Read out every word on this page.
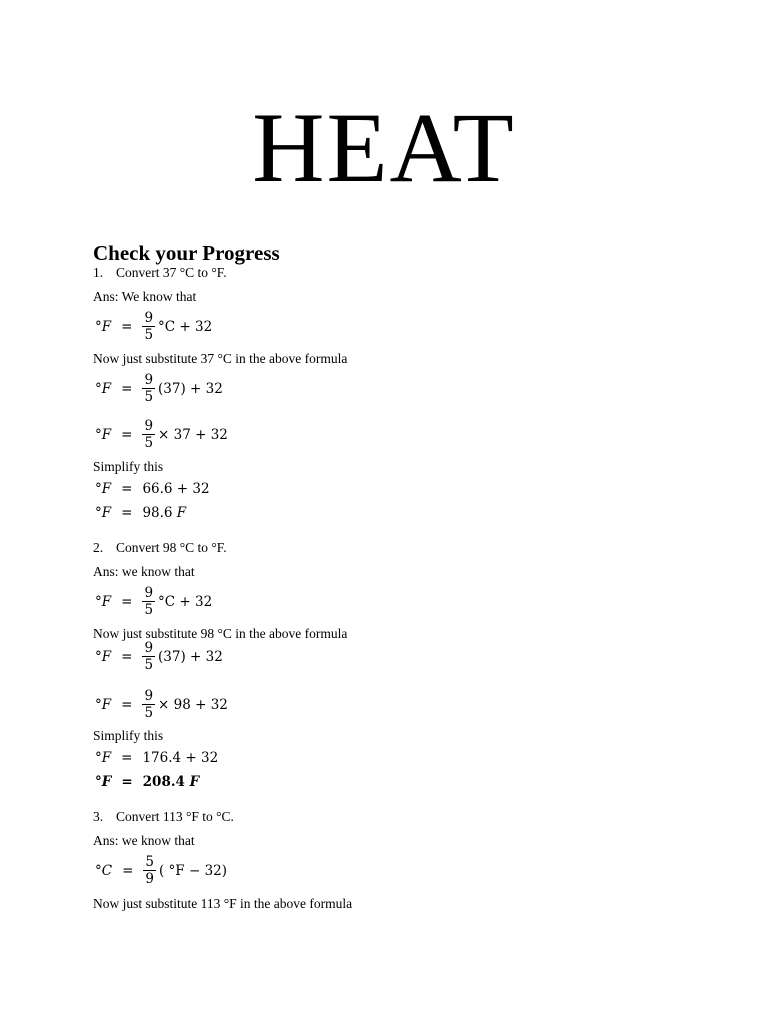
HEAT
Check your Progress
1. Convert 37 °C to °F.
Ans: We know that
$^\circ F = \frac{9}{5} ^\circ C + 32$
Now just substitute 37 °C in the above formula
$^\circ F = \frac{9}{5} (37) + 32$
$^\circ F = \frac{9}{5} \times 37 + 32$
Simplify this
°F = 66.6 + 32
°F = 98.6 F
2. Convert 98 °C to °F.
Ans: we know that
$^\circ F = \frac{9}{5} ^\circ C + 32$
Now just substitute 98 °C in the above formula
$^\circ F = \frac{9}{5} (37) + 32$
$^\circ F = \frac{9}{5} \times 98 + 32$
Simplify this
°F = 176.4 + 32
°F = 208.4 F
3. Convert 113 °F to °C.
Ans: we know that
$^\circ C = \frac{5}{9}$ ( °F − 32)
Now just substitute 113 °F in the above formula
